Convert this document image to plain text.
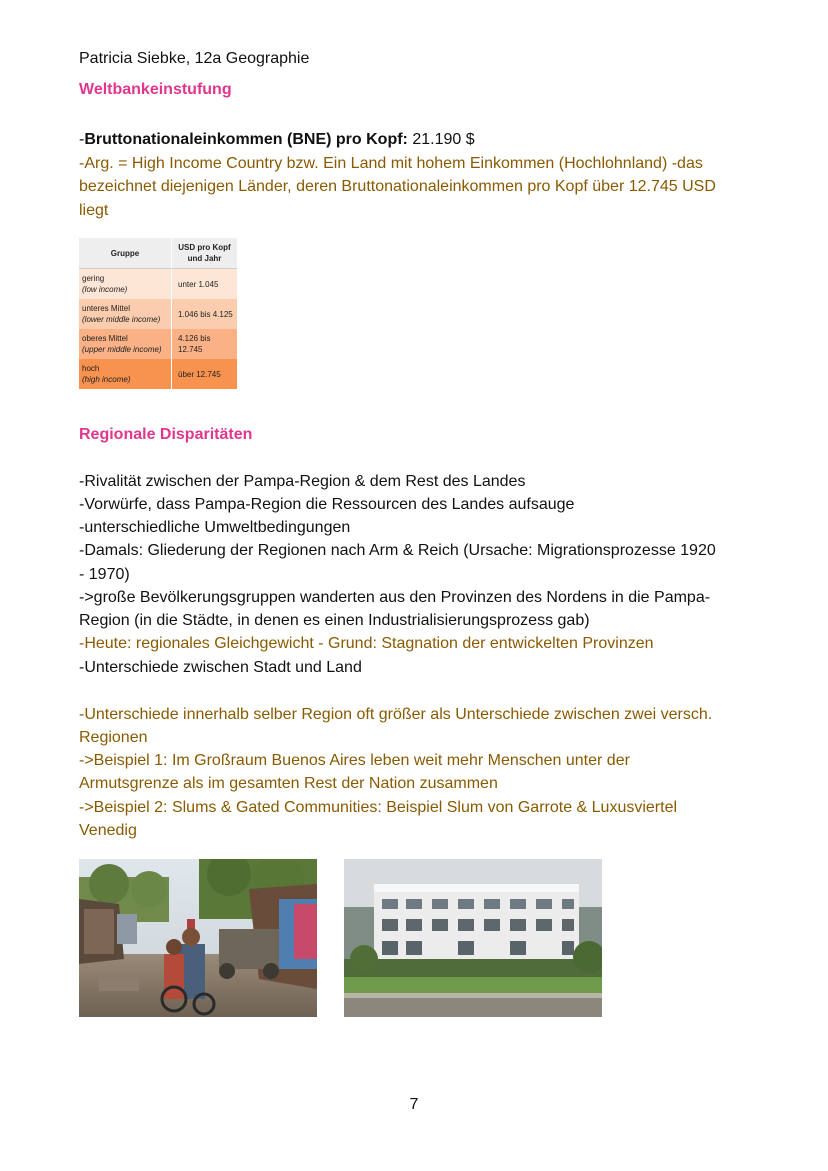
Patricia Siebke, 12a Geographie
Weltbankeinstufung
-Bruttonationaleinkommen (BNE) pro Kopf: 21.190 $
-Arg. = High Income Country bzw. Ein Land mit hohem Einkommen (Hochlohnland) -das
bezeichnet diejenigen Länder, deren Bruttonationaleinkommen pro Kopf über 12.745 USD
liegt
Gruppe	USD pro Kopf
und Jahr
gering
(low income)	unter 1.045
unteres Mittel
(lower middle income)	1.046 bis 4.125
oberes Mittel
(upper middle income)	4.126 bis 12.745
hoch
(high income)	über 12.745
Regionale Disparitäten
-Rivalität zwischen der Pampa-Region & dem Rest des Landes
-Vorwürfe, dass Pampa-Region die Ressourcen des Landes aufsauge
-unterschiedliche Umweltbedingungen
-Damals: Gliederung der Regionen nach Arm & Reich (Ursache: Migrationsprozesse 1920
- 1970)
->große Bevölkerungsgruppen wanderten aus den Provinzen des Nordens in die Pampa-
Region (in die Städte, in denen es einen Industrialisierungsprozess gab)
-Heute: regionales Gleichgewicht - Grund: Stagnation der entwickelten Provinzen
-Unterschiede zwischen Stadt und Land
-Unterschiede innerhalb selber Region oft größer als Unterschiede zwischen zwei versch.
Regionen
->Beispiel 1: Im Großraum Buenos Aires leben weit mehr Menschen unter der
Armutsgrenze als im gesamten Rest der Nation zusammen
->Beispiel 2: Slums & Gated Communities: Beispiel Slum von Garrote & Luxusviertel
Venedig
7
